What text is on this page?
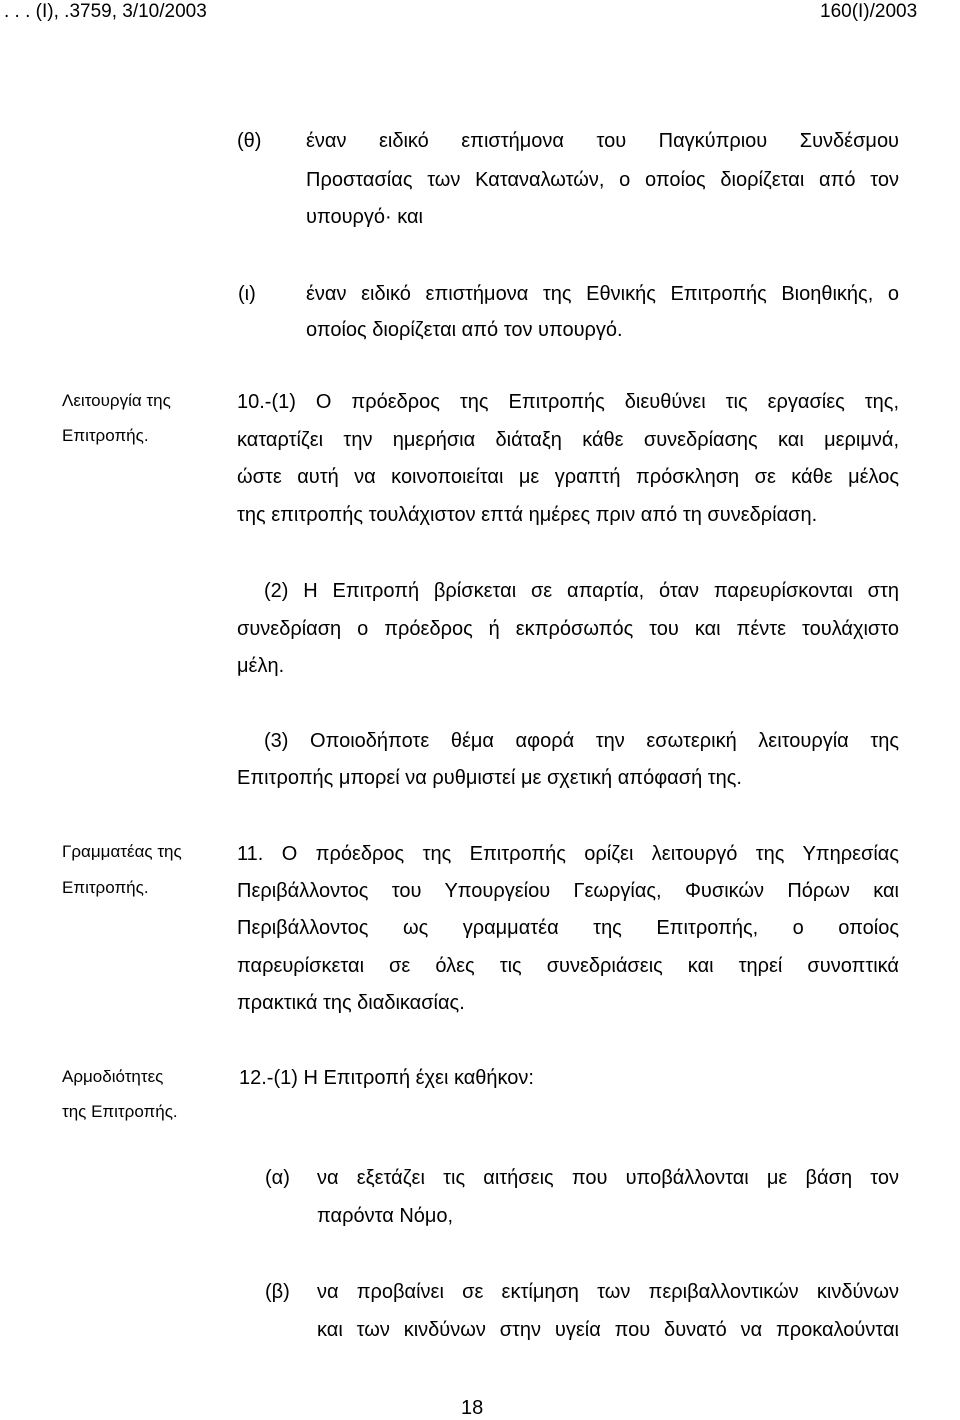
. . . (Ι), .3759, 3/10/2003	160(Ι)/2003
(θ) έναν ειδικό επιστήμονα του Παγκύπριου Συνδέσμου
Προστασίας των Καταναλωτών, ο οποίος διορίζεται από τον
υπουργό· και
(ι)	έναν ειδικό επιστήμονα της Εθνικής Επιτροπής Βιοηθικής, ο
οποίος διορίζεται από τον υπουργό.
Λειτουργία της
Επιτροπής.
10.-(1) Ο πρόεδρος της Επιτροπής διευθύνει τις εργασίες της,
καταρτίζει την ημερήσια διάταξη κάθε συνεδρίασης και μεριμνά,
ώστε αυτή να κοινοποιείται με γραπτή πρόσκληση σε κάθε μέλος
της επιτροπής τουλάχιστον επτά ημέρες πριν από τη συνεδρίαση.
(2) Η Επιτροπή βρίσκεται σε απαρτία, όταν παρευρίσκονται στη
συνεδρίαση ο πρόεδρος ή εκπρόσωπός του και πέντε τουλάχιστο
μέλη.
(3) Οποιοδήποτε θέμα αφορά την εσωτερική λειτουργία της
Επιτροπής μπορεί να ρυθμιστεί με σχετική απόφασή της.
Γραμματέας της
Επιτροπής.
11. Ο πρόεδρος της Επιτροπής ορίζει λειτουργό της Υπηρεσίας
Περιβάλλοντος του Υπουργείου Γεωργίας, Φυσικών Πόρων και
Περιβάλλοντος ως γραμματέα της Επιτροπής, ο οποίος
παρευρίσκεται σε όλες τις συνεδριάσεις και τηρεί συνοπτικά
πρακτικά της διαδικασίας.
Αρμοδιότητες
της Επιτροπής.
12.-(1) Η Επιτροπή έχει καθήκον:
(α) να εξετάζει τις αιτήσεις που υποβάλλονται με βάση τον
παρόντα Νόμο,
(β) να προβαίνει σε εκτίμηση των περιβαλλοντικών κινδύνων
και των κινδύνων στην υγεία που δυνατό να προκαλούνται
18
